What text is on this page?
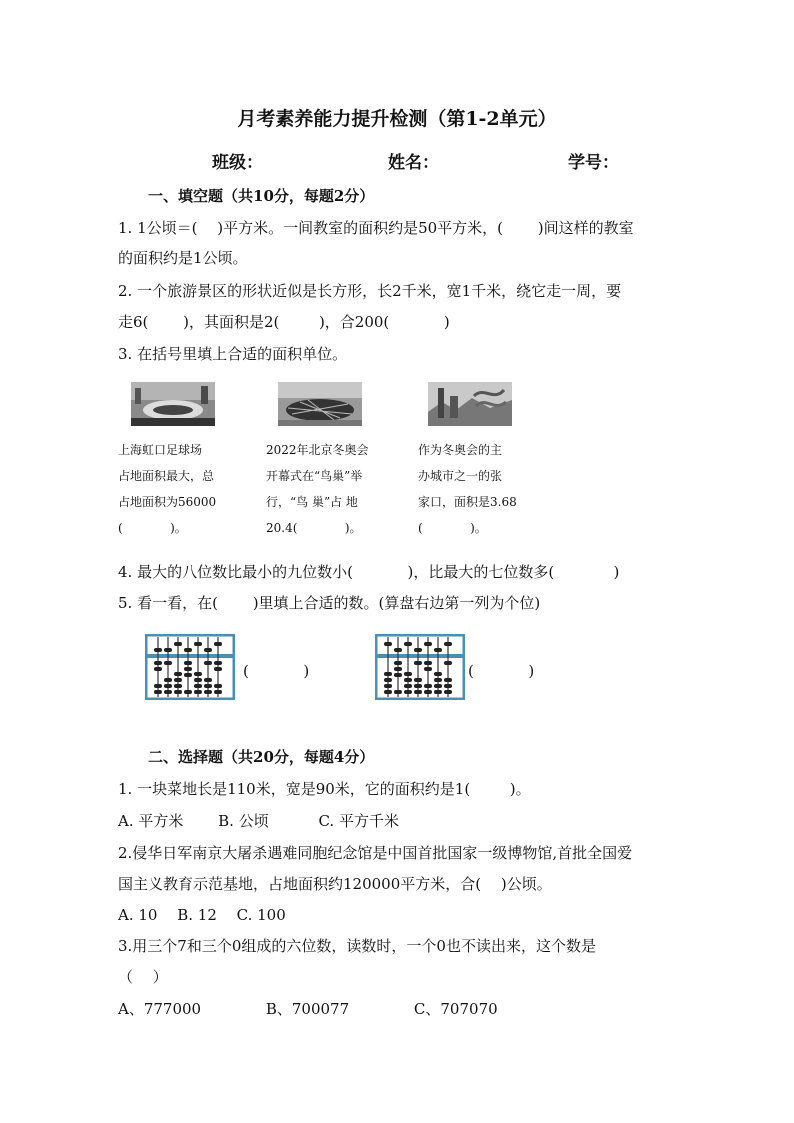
月考素养能力提升检测（第1-2单元）
班级：	姓名：	学号：
一、填空题（共10分，每题2分）
1. 1公顷＝(　 )平方米。一间教室的面积约是50平方米，(　 　)间这样的教室
的面积约是1公顷。
2. 一个旅游景区的形状近似是长方形，长2千米，宽1千米，绕它走一周，要
走6(　 　)，其面积是2(　 　 )，合200(　 　 　)
3. 在括号里填上合适的面积单位。
上海虹口足球场
占地面积最大，总
占地面积为56000
(　 　 　 )。
2022年北京冬奥会
开幕式在“鸟巢”举
行，“鸟 巢”占 地
20.4(　 　 　 )。
作为冬奥会的主
办城市之一的张
家口，面积是3.68
(　 　 　 )。
4. 最大的八位数比最小的九位数小(　 　 　)，比最大的七位数多(　 　 　 )
5. 看一看，在(　 　)里填上合适的数。(算盘右边第一列为个位)
(　 　 　)	(　 　 　)
二、选择题（共20分，每题4分）
1. 一块菜地长是110米，宽是90米，它的面积约是1(　 　 )。
A. 平方米　　 B. 公顷　　　 C. 平方千米
2.侵华日军南京大屠杀遇难同胞纪念馆是中国首批国家一级博物馆,首批全国爱
国主义教育示范基地，占地面积约120000平方米，合(　 )公顷。
A. 10　 B. 12　 C. 100
3.用三个7和三个0组成的六位数，读数时，一个0也不读出来，这个数是
（　 ）
A、777000　　　　 B、700077　　　　 C、707070
